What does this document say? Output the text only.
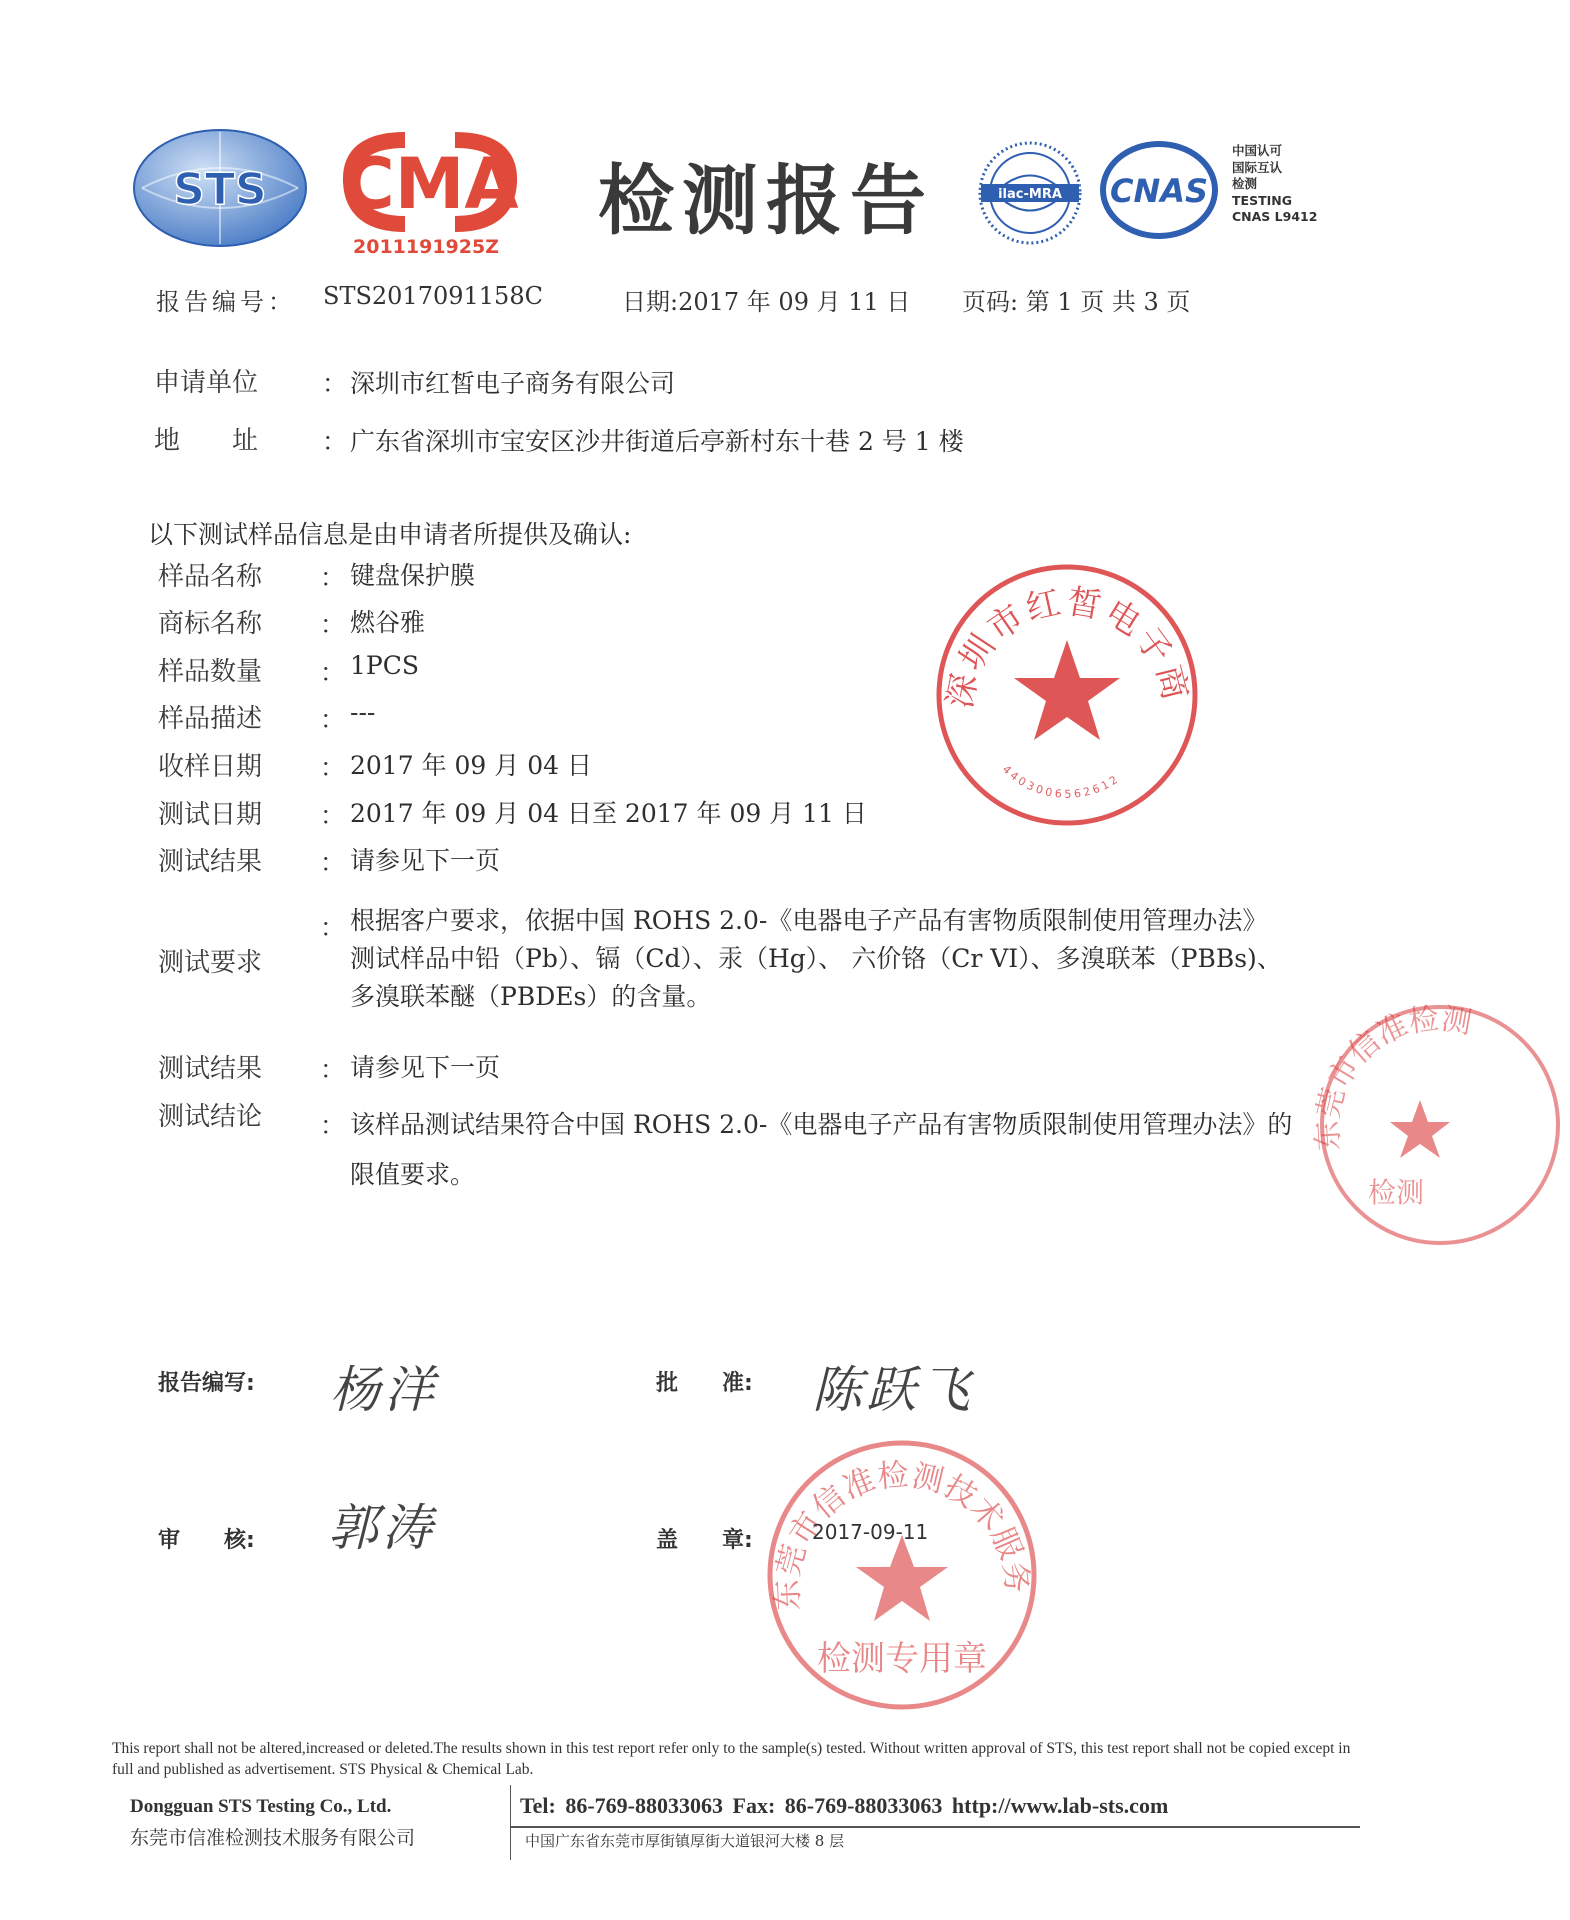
STS CMA
2011191925Z
检测报告	ilac-MRA CNAS
中国认可
国际互认
检测
TESTING
CNAS L9412
报告编号： STS2017091158C	日期:2017 年 09 月 11 日 页码: 第 1 页 共 3 页
申请单位	： 深圳市红皙电子商务有限公司
地　　址	： 广东省深圳市宝安区沙井街道后亭新村东十巷 2 号 1 楼
以下测试样品信息是由申请者所提供及确认:
样品名称 ： 键盘保护膜
商标名称 ： 燃谷雅
样品数量 ： 1PCS
样品描述 ： ---
收样日期 ： 2017 年 09 月 04 日
测试日期 ： 2017 年 09 月 04 日至 2017 年 09 月 11 日
测试结果 ： 请参见下一页
测试要求
： 根据客户要求，依据中国 ROHS 2.0-《电器电子产品有害物质限制使用管理办法》
测试样品中铅（Pb）、镉（Cd）、汞（Hg）、 六价铬（Cr VI）、多溴联苯（PBBs)、
多溴联苯醚（PBDEs）的含量。
测试结果 ： 请参见下一页
测试结论 ： 该样品测试结果符合中国 ROHS 2.0-《电器电子产品有害物质限制使用管理办法》的
限值要求。
深圳市红皙电子商
4403006562612
东莞市信准检测
检测
东莞市信准检测技术服务
检测专用章
2017-09-11
报告编写: 杨洋	批　　准: 陈跃飞
审　　核: 郭涛	盖　　章:
This report shall not be altered,increased or deleted.The results shown in this test report refer only to the sample(s) tested. Without written approval of STS, this test report shall not be copied except in full and published as advertisement. STS Physical & Chemical Lab.
Dongguan STS Testing Co., Ltd.
东莞市信准检测技术服务有限公司
Tel: 86-769-88033063 Fax: 86-769-88033063 http://www.lab-sts.com
中国广东省东莞市厚街镇厚街大道银河大楼 8 层
